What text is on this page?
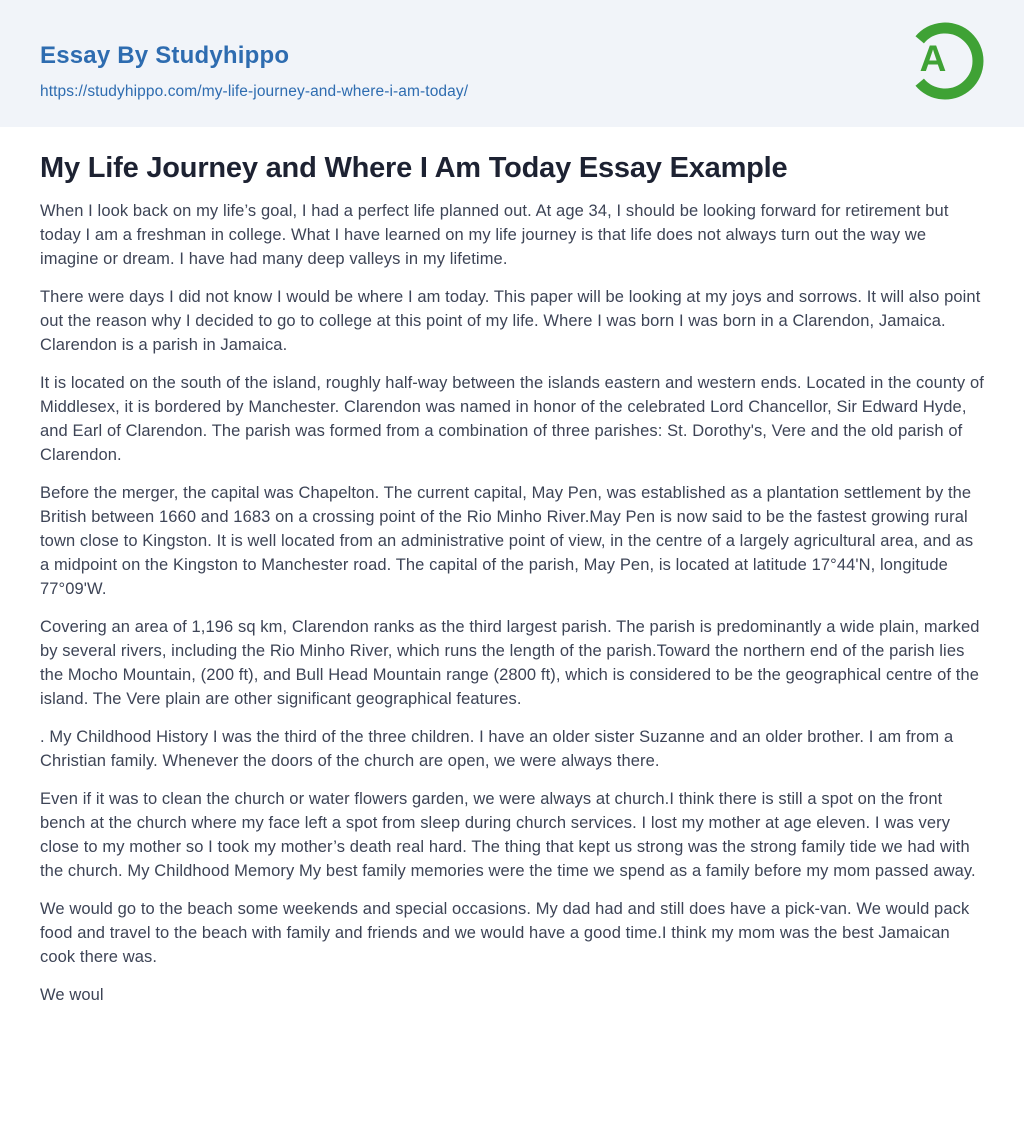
Essay By Studyhippo
https://studyhippo.com/my-life-journey-and-where-i-am-today/
A
My Life Journey and Where I Am Today Essay Example

When I look back on my life’s goal, I had a perfect life planned out. At age 34, I should be looking forward for retirement but today I am a freshman in college. What I have learned on my life journey is that life does not always turn out the way we imagine or dream. I have had many deep valleys in my lifetime.

There were days I did not know I would be where I am today. This paper will be looking at my joys and sorrows. It will also point out the reason why I decided to go to college at this point of my life. Where I was born I was born in a Clarendon, Jamaica. Clarendon is a parish in Jamaica.

It is located on the south of the island, roughly half-way between the islands eastern and western ends. Located in the county of Middlesex, it is bordered by Manchester. Clarendon was named in honor of the celebrated Lord Chancellor, Sir Edward Hyde, and Earl of Clarendon. The parish was formed from a combination of three parishes: St. Dorothy's, Vere and the old parish of Clarendon.

Before the merger, the capital was Chapelton. The current capital, May Pen, was established as a plantation settlement by the British between 1660 and 1683 on a crossing point of the Rio Minho River.May Pen is now said to be the fastest growing rural town close to Kingston. It is well located from an administrative point of view, in the centre of a largely agricultural area, and as a midpoint on the Kingston to Manchester road. The capital of the parish, May Pen, is located at latitude 17°44'N, longitude 77°09'W.

Covering an area of 1,196 sq km, Clarendon ranks as the third largest parish. The parish is predominantly a wide plain, marked by several rivers, including the Rio Minho River, which runs the length of the parish.Toward the northern end of the parish lies the Mocho Mountain, (200 ft), and Bull Head Mountain range (2800 ft), which is considered to be the geographical centre of the island. The Vere plain are other significant geographical features.

. My Childhood History I was the third of the three children. I have an older sister Suzanne and an older brother. I am from a Christian family. Whenever the doors of the church are open, we were always there.

Even if it was to clean the church or water flowers garden, we were always at church.I think there is still a spot on the front bench at the church where my face left a spot from sleep during church services. I lost my mother at age eleven. I was very close to my mother so I took my mother’s death real hard. The thing that kept us strong was the strong family tide we had with the church. My Childhood Memory My best family memories were the time we spend as a family before my mom passed away.

We would go to the beach some weekends and special occasions. My dad had and still does have a pick-van. We would pack food and travel to the beach with family and friends and we would have a good time.I think my mom was the best Jamaican cook there was.

We woul
